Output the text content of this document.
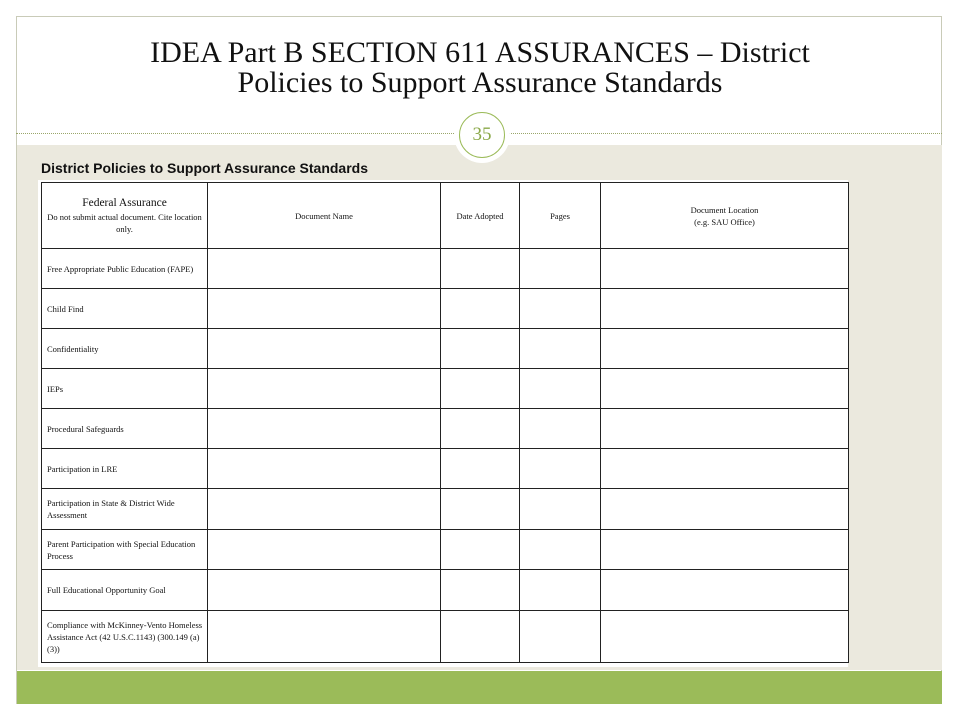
IDEA Part B SECTION 611 ASSURANCES – District
Policies to Support Assurance Standards
35
District Policies to Support Assurance Standards
Federal Assurance
Do not submit actual document. Cite location only.	Document Name	Date Adopted	Pages	Document Location
(e.g. SAU Office)

Free Appropriate Public Education (FAPE)				
Child Find				
Confidentiality				
IEPs				
Procedural Safeguards				
Participation in LRE				
Participation in State & District Wide Assessment				
Parent Participation with Special Education Process				
Full Educational Opportunity Goal				
Compliance with McKinney-Vento Homeless Assistance Act (42 U.S.C.1143) (300.149 (a) (3))				
